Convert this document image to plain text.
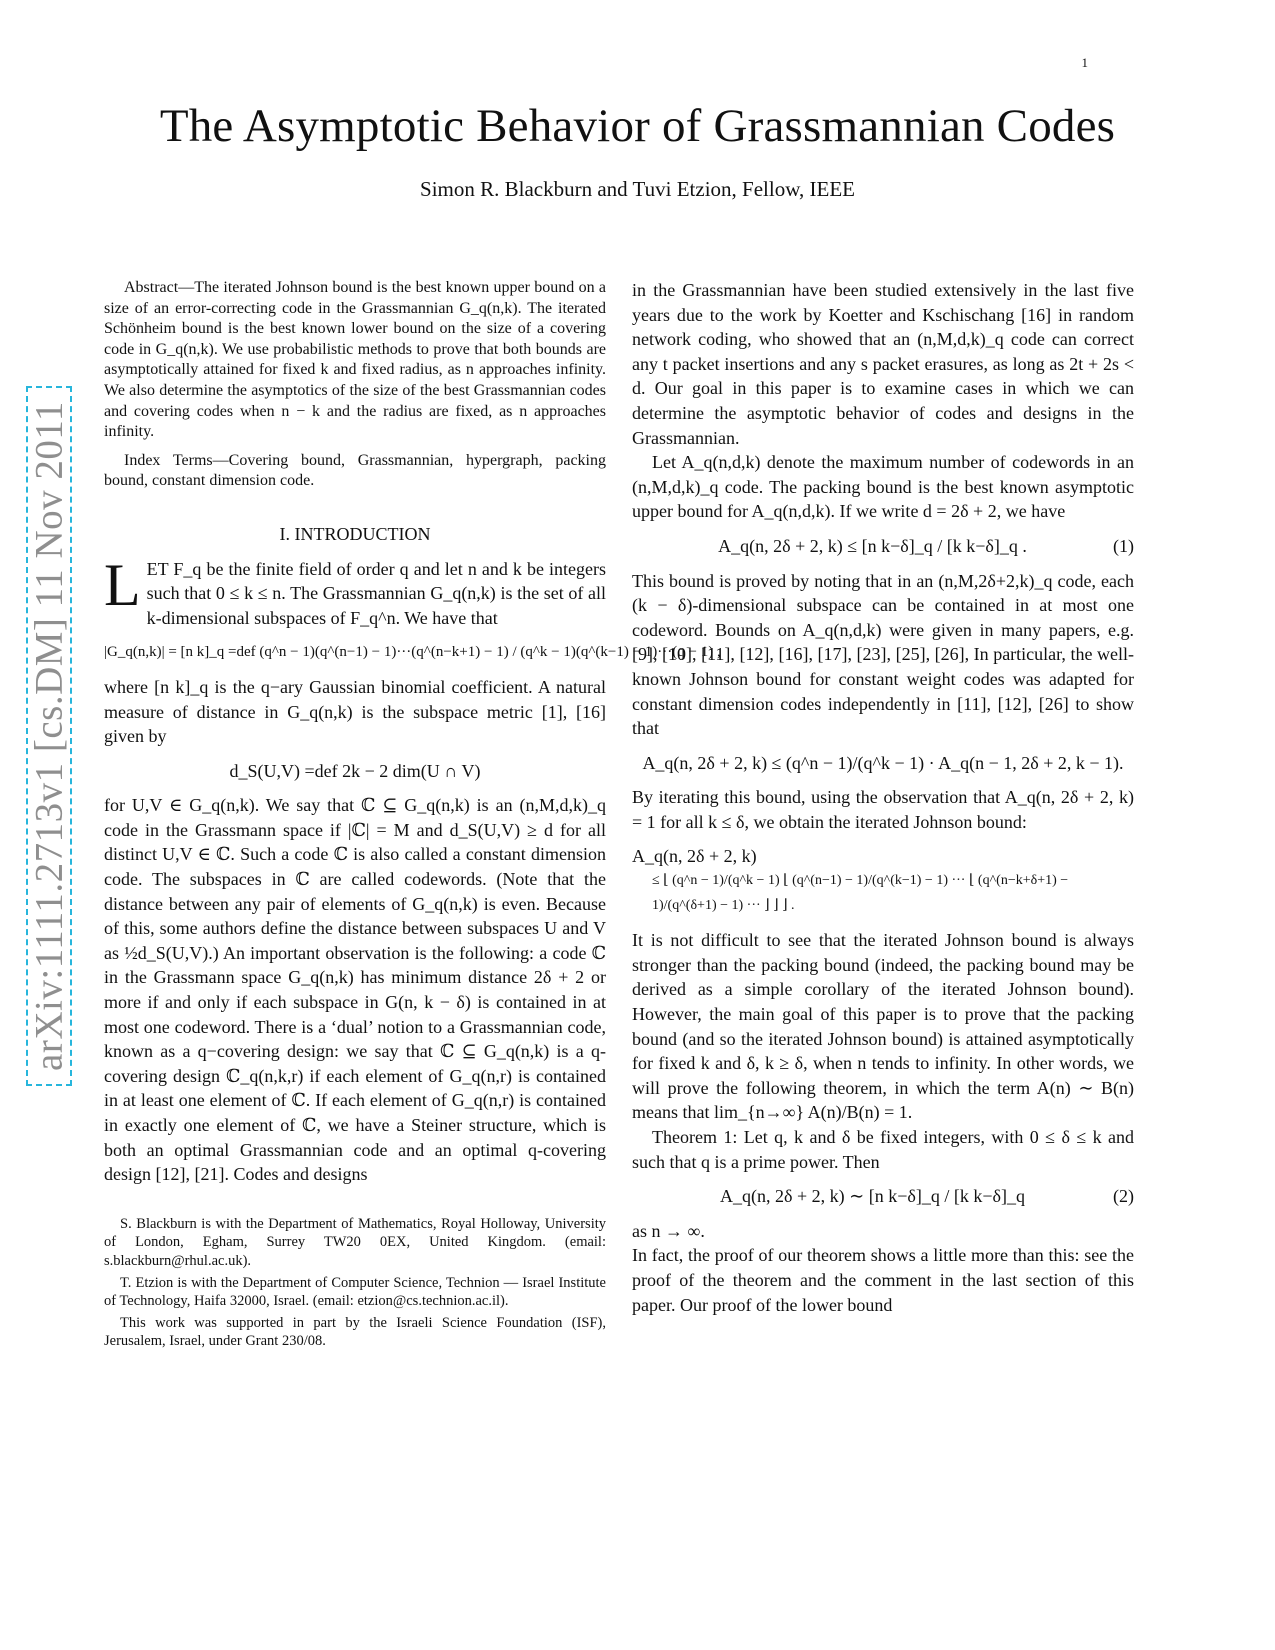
1
The Asymptotic Behavior of Grassmannian Codes
Simon R. Blackburn and Tuvi Etzion, Fellow, IEEE
arXiv:1111.2713v1 [cs.DM] 11 Nov 2011

Abstract—The iterated Johnson bound is the best known upper bound on a size of an error-correcting code in the Grassmannian G_q(n,k). The iterated Schönheim bound is the best known lower bound on the size of a covering code in G_q(n,k). We use probabilistic methods to prove that both bounds are asymptotically attained for fixed k and fixed radius, as n approaches infinity. We also determine the asymptotics of the size of the best Grassmannian codes and covering codes when n − k and the radius are fixed, as n approaches infinity.

Index Terms—Covering bound, Grassmannian, hypergraph, packing bound, constant dimension code.

I. INTRODUCTION

LET F_q be the finite field of order q and let n and k be integers such that 0 ≤ k ≤ n. The Grassmannian G_q(n,k) is the set of all k-dimensional subspaces of F_q^n. We have that

|G_q(n,k)| = [n k]_q =def (q^n − 1)(q^(n−1) − 1)···(q^(n−k+1) − 1) / (q^k − 1)(q^(k−1) − 1)···(q − 1) ,

where [n k]_q is the q−ary Gaussian binomial coefficient. A natural measure of distance in G_q(n,k) is the subspace metric [1], [16] given by

d_S(U,V) =def 2k − 2 dim(U ∩ V)

for U,V ∈ G_q(n,k). We say that ℂ ⊆ G_q(n,k) is an (n,M,d,k)_q code in the Grassmann space if |ℂ| = M and d_S(U,V) ≥ d for all distinct U,V ∈ ℂ. Such a code ℂ is also called a constant dimension code. The subspaces in ℂ are called codewords. (Note that the distance between any pair of elements of G_q(n,k) is even. Because of this, some authors define the distance between subspaces U and V as ½d_S(U,V).) An important observation is the following: a code ℂ in the Grassmann space G_q(n,k) has minimum distance 2δ + 2 or more if and only if each subspace in G(n, k − δ) is contained in at most one codeword. There is a ‘dual’ notion to a Grassmannian code, known as a q−covering design: we say that ℂ ⊆ G_q(n,k) is a q-covering design ℂ_q(n,k,r) if each element of G_q(n,r) is contained in at least one element of ℂ. If each element of G_q(n,r) is contained in exactly one element of ℂ, we have a Steiner structure, which is both an optimal Grassmannian code and an optimal q-covering design [12], [21]. Codes and designs

S. Blackburn is with the Department of Mathematics, Royal Holloway, University of London, Egham, Surrey TW20 0EX, United Kingdom. (email: s.blackburn@rhul.ac.uk).

T. Etzion is with the Department of Computer Science, Technion — Israel Institute of Technology, Haifa 32000, Israel. (email: etzion@cs.technion.ac.il).

This work was supported in part by the Israeli Science Foundation (ISF), Jerusalem, Israel, under Grant 230/08.

in the Grassmannian have been studied extensively in the last five years due to the work by Koetter and Kschischang [16] in random network coding, who showed that an (n,M,d,k)_q code can correct any t packet insertions and any s packet erasures, as long as 2t + 2s < d. Our goal in this paper is to examine cases in which we can determine the asymptotic behavior of codes and designs in the Grassmannian.

Let A_q(n,d,k) denote the maximum number of codewords in an (n,M,d,k)_q code. The packing bound is the best known asymptotic upper bound for A_q(n,d,k). If we write d = 2δ + 2, we have

A_q(n, 2δ + 2, k) ≤ [n k−δ]_q / [k k−δ]_q .	(1)

This bound is proved by noting that in an (n,M,2δ+2,k)_q code, each (k − δ)-dimensional subspace can be contained in at most one codeword. Bounds on A_q(n,d,k) were given in many papers, e.g. [9], [10], [11], [12], [16], [17], [23], [25], [26], In particular, the well-known Johnson bound for constant weight codes was adapted for constant dimension codes independently in [11], [12], [26] to show that

A_q(n, 2δ + 2, k) ≤ (q^n − 1)/(q^k − 1) · A_q(n − 1, 2δ + 2, k − 1).

By iterating this bound, using the observation that A_q(n, 2δ + 2, k) = 1 for all k ≤ δ, we obtain the iterated Johnson bound:

A_q(n, 2δ + 2, k)
≤ ⌊ (q^n − 1)/(q^k − 1) ⌊ (q^(n−1) − 1)/(q^(k−1) − 1) ··· ⌊ (q^(n−k+δ+1) − 1)/(q^(δ+1) − 1) ··· ⌋ ⌋ ⌋ .

It is not difficult to see that the iterated Johnson bound is always stronger than the packing bound (indeed, the packing bound may be derived as a simple corollary of the iterated Johnson bound). However, the main goal of this paper is to prove that the packing bound (and so the iterated Johnson bound) is attained asymptotically for fixed k and δ, k ≥ δ, when n tends to infinity. In other words, we will prove the following theorem, in which the term A(n) ∼ B(n) means that lim_{n→∞} A(n)/B(n) = 1.

Theorem 1: Let q, k and δ be fixed integers, with 0 ≤ δ ≤ k and such that q is a prime power. Then

A_q(n, 2δ + 2, k) ∼ [n k−δ]_q / [k k−δ]_q	(2)

as n → ∞.

In fact, the proof of our theorem shows a little more than this: see the proof of the theorem and the comment in the last section of this paper. Our proof of the lower bound
